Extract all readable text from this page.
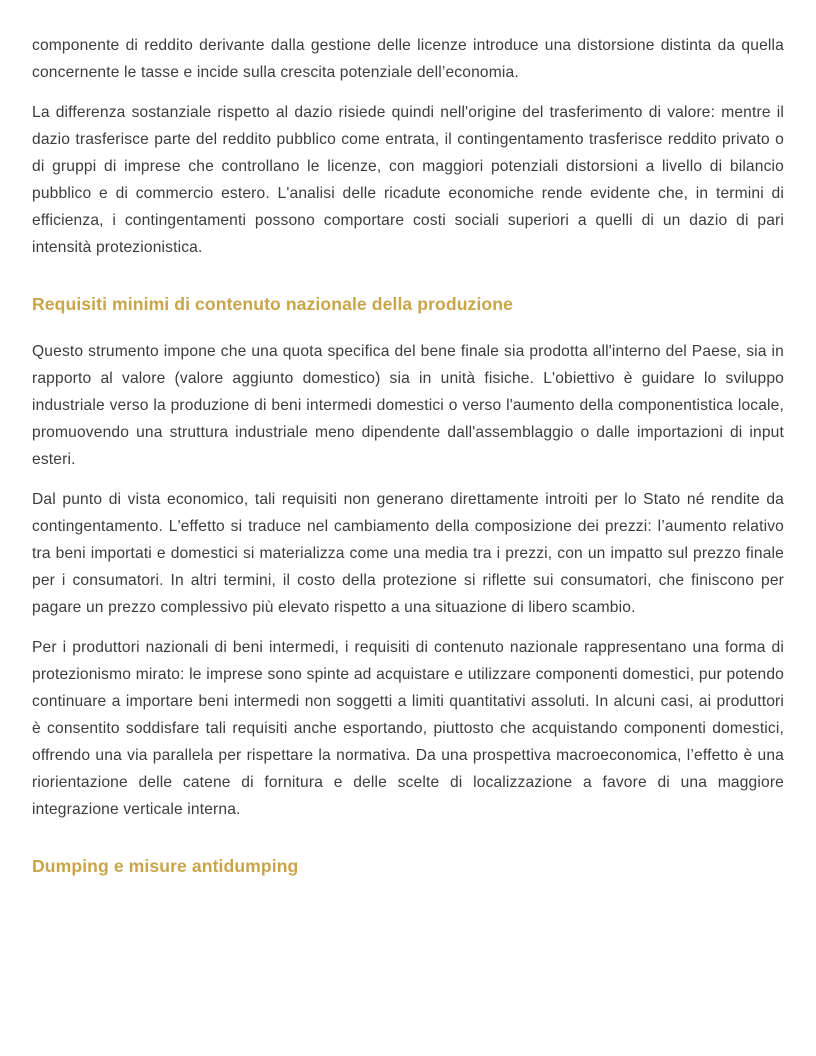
componente di reddito derivante dalla gestione delle licenze introduce una distorsione distinta da quella concernente le tasse e incide sulla crescita potenziale dell’economia.

La differenza sostanziale rispetto al dazio risiede quindi nell'origine del trasferimento di valore: mentre il dazio trasferisce parte del reddito pubblico come entrata, il contingentamento trasferisce reddito privato o di gruppi di imprese che controllano le licenze, con maggiori potenziali distorsioni a livello di bilancio pubblico e di commercio estero. L'analisi delle ricadute economiche rende evidente che, in termini di efficienza, i contingentamenti possono comportare costi sociali superiori a quelli di un dazio di pari intensità protezionistica.

Requisiti minimi di contenuto nazionale della produzione

Questo strumento impone che una quota specifica del bene finale sia prodotta all'interno del Paese, sia in rapporto al valore (valore aggiunto domestico) sia in unità fisiche. L'obiettivo è guidare lo sviluppo industriale verso la produzione di beni intermedi domestici o verso l'aumento della componentistica locale, promuovendo una struttura industriale meno dipendente dall'assemblaggio o dalle importazioni di input esteri.

Dal punto di vista economico, tali requisiti non generano direttamente introiti per lo Stato né rendite da contingentamento. L'effetto si traduce nel cambiamento della composizione dei prezzi: l’aumento relativo tra beni importati e domestici si materializza come una media tra i prezzi, con un impatto sul prezzo finale per i consumatori. In altri termini, il costo della protezione si riflette sui consumatori, che finiscono per pagare un prezzo complessivo più elevato rispetto a una situazione di libero scambio.

Per i produttori nazionali di beni intermedi, i requisiti di contenuto nazionale rappresentano una forma di protezionismo mirato: le imprese sono spinte ad acquistare e utilizzare componenti domestici, pur potendo continuare a importare beni intermedi non soggetti a limiti quantitativi assoluti. In alcuni casi, ai produttori è consentito soddisfare tali requisiti anche esportando, piuttosto che acquistando componenti domestici, offrendo una via parallela per rispettare la normativa. Da una prospettiva macroeconomica, l’effetto è una riorientazione delle catene di fornitura e delle scelte di localizzazione a favore di una maggiore integrazione verticale interna.

Dumping e misure antidumping
